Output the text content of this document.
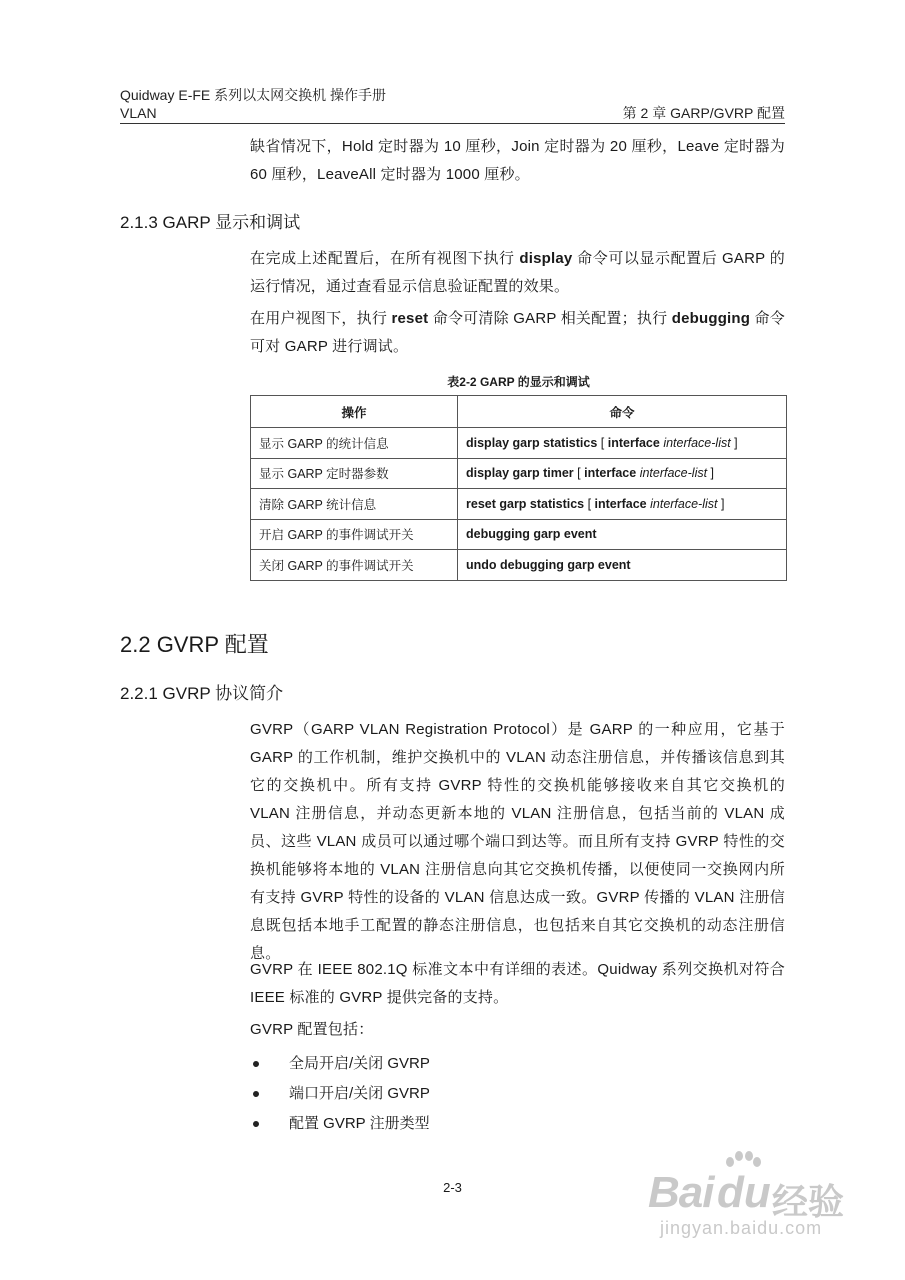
Quidway E-FE 系列以太网交换机 操作手册
VLAN	第 2 章 GARP/GVRP 配置
缺省情况下，Hold 定时器为 10 厘秒，Join 定时器为 20 厘秒，Leave 定时器为 60 厘秒，LeaveAll 定时器为 1000 厘秒。
2.1.3 GARP 显示和调试
在完成上述配置后，在所有视图下执行 display 命令可以显示配置后 GARP 的运行情况，通过查看显示信息验证配置的效果。
在用户视图下，执行 reset 命令可清除 GARP 相关配置；执行 debugging 命令可对 GARP 进行调试。
表2-2 GARP 的显示和调试
操作	命令
显示 GARP 的统计信息	display garp statistics [ interface interface-list ]
显示 GARP 定时器参数	display garp timer [ interface interface-list ]
清除 GARP 统计信息	reset garp statistics [ interface interface-list ]
开启 GARP 的事件调试开关	debugging garp event
关闭 GARP 的事件调试开关	undo debugging garp event
2.2 GVRP 配置
2.2.1 GVRP 协议简介
GVRP（GARP VLAN Registration Protocol）是 GARP 的一种应用，它基于 GARP 的工作机制，维护交换机中的 VLAN 动态注册信息，并传播该信息到其它的交换机中。所有支持 GVRP 特性的交换机能够接收来自其它交换机的 VLAN 注册信息，并动态更新本地的 VLAN 注册信息，包括当前的 VLAN 成员、这些 VLAN 成员可以通过哪个端口到达等。而且所有支持 GVRP 特性的交换机能够将本地的 VLAN 注册信息向其它交换机传播，以便使同一交换网内所有支持 GVRP 特性的设备的 VLAN 信息达成一致。GVRP 传播的 VLAN 注册信息既包括本地手工配置的静态注册信息，也包括来自其它交换机的动态注册信息。
GVRP 在 IEEE 802.1Q 标准文本中有详细的表述。Quidway 系列交换机对符合 IEEE 标准的 GVRP 提供完备的支持。
GVRP 配置包括：
全局开启/关闭 GVRP
端口开启/关闭 GVRP
配置 GVRP 注册类型
2-3	Bai du 经验
jingyan.baidu.com
